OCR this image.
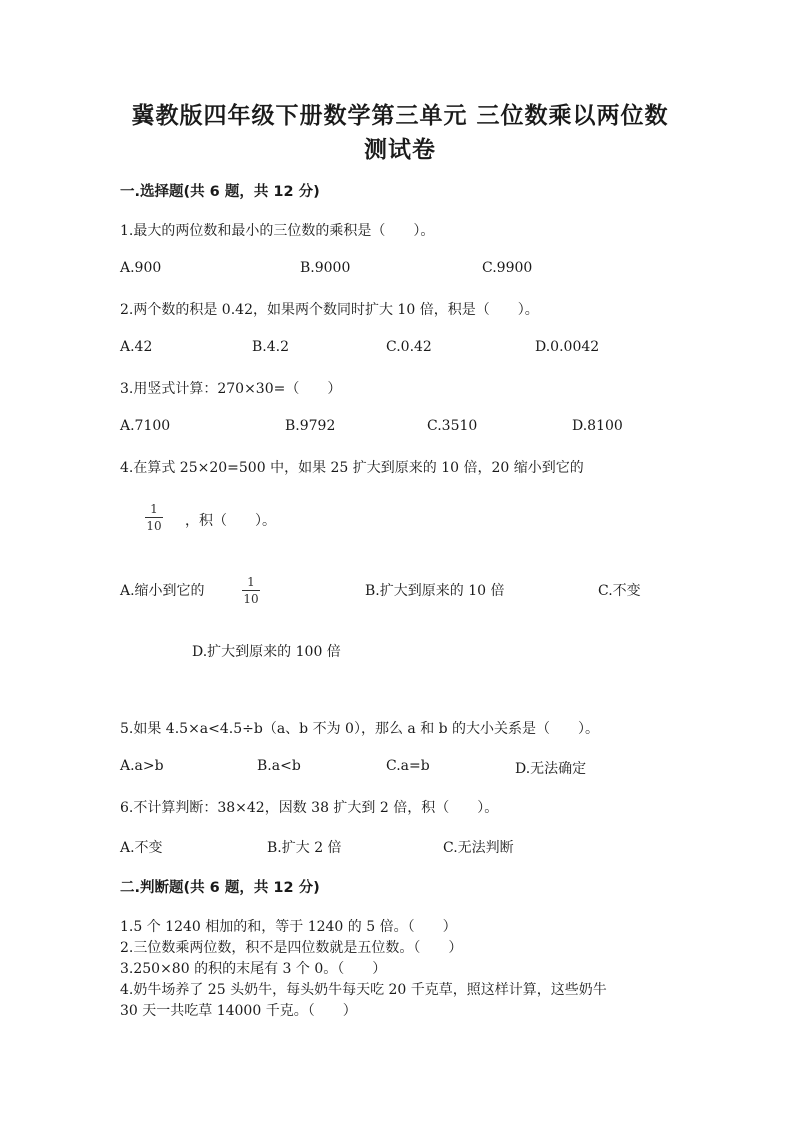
冀教版四年级下册数学第三单元 三位数乘以两位数
测试卷
一.选择题(共 6 题，共 12 分)
1.最大的两位数和最小的三位数的乘积是（　　）。
A.900	B.9000	C.9900
2.两个数的积是 0.42，如果两个数同时扩大 10 倍，积是（　　）。
A.42	B.4.2	C.0.42	D.0.0042
3.用竖式计算：270×30=（　　）
A.7100	B.9792	C.3510	D.8100
4.在算式 25×20=500 中，如果 25 扩大到原来的 10 倍，20 缩小到它的
1
10 ，积（　　）。
A.缩小到它的
1
10	B.扩大到原来的 10 倍	C.不变
D.扩大到原来的 100 倍
5.如果 4.5×a<4.5÷b（a、b 不为 0），那么 a 和 b 的大小关系是（　　）。
A.a>b	B.a<b	C.a=b	D.无法确定
6.不计算判断：38×42，因数 38 扩大到 2 倍，积（　　）。
A.不变	B.扩大 2 倍	C.无法判断
二.判断题(共 6 题，共 12 分)
1.5 个 1240 相加的和，等于 1240 的 5 倍。（　　）
2.三位数乘两位数，积不是四位数就是五位数。（　　）
3.250×80 的积的末尾有 3 个 0。（　　）
4.奶牛场养了 25 头奶牛，每头奶牛每天吃 20 千克草，照这样计算，这些奶牛
30 天一共吃草 14000 千克。（　　）
